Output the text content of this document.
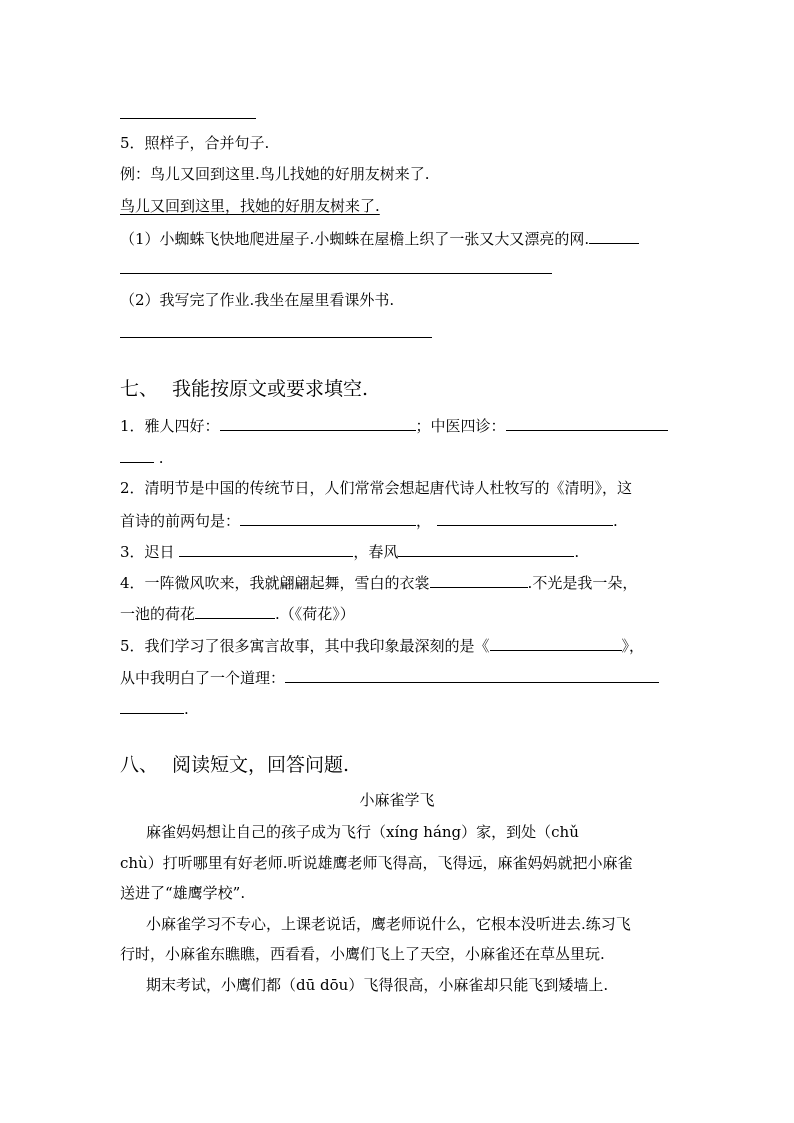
5．照样子，合并句子.
例：鸟儿又回到这里.鸟儿找她的好朋友树来了.
鸟儿又回到这里，找她的好朋友树来了.
（1）小蜘蛛飞快地爬进屋子.小蜘蛛在屋檐上织了一张又大又漂亮的网.
（2）我写完了作业.我坐在屋里看课外书.
七、 我能按原文或要求填空.
1．雅人四好：	；中医四诊：
.
2．清明节是中国的传统节日，人们常常会想起唐代诗人杜牧写的《清明》，这
首诗的前两句是：	，	.
3．迟日	，春风	.
4．一阵微风吹来，我就翩翩起舞，雪白的衣裳	.不光是我一朵，
一池的荷花	.（《荷花》）
5．我们学习了很多寓言故事，其中我印象最深刻的是《	》，
从中我明白了一个道理：
.
八、 阅读短文，回答问题.
小麻雀学飞
麻雀妈妈想让自己的孩子成为飞行（xíng háng）家，到处（chǔ
chù）打听哪里有好老师.听说雄鹰老师飞得高，飞得远，麻雀妈妈就把小麻雀
送进了“雄鹰学校”.
小麻雀学习不专心，上课老说话，鹰老师说什么，它根本没听进去.练习飞
行时，小麻雀东瞧瞧，西看看，小鹰们飞上了天空，小麻雀还在草丛里玩.
期末考试，小鹰们都（dū dōu）飞得很高，小麻雀却只能飞到矮墙上.
